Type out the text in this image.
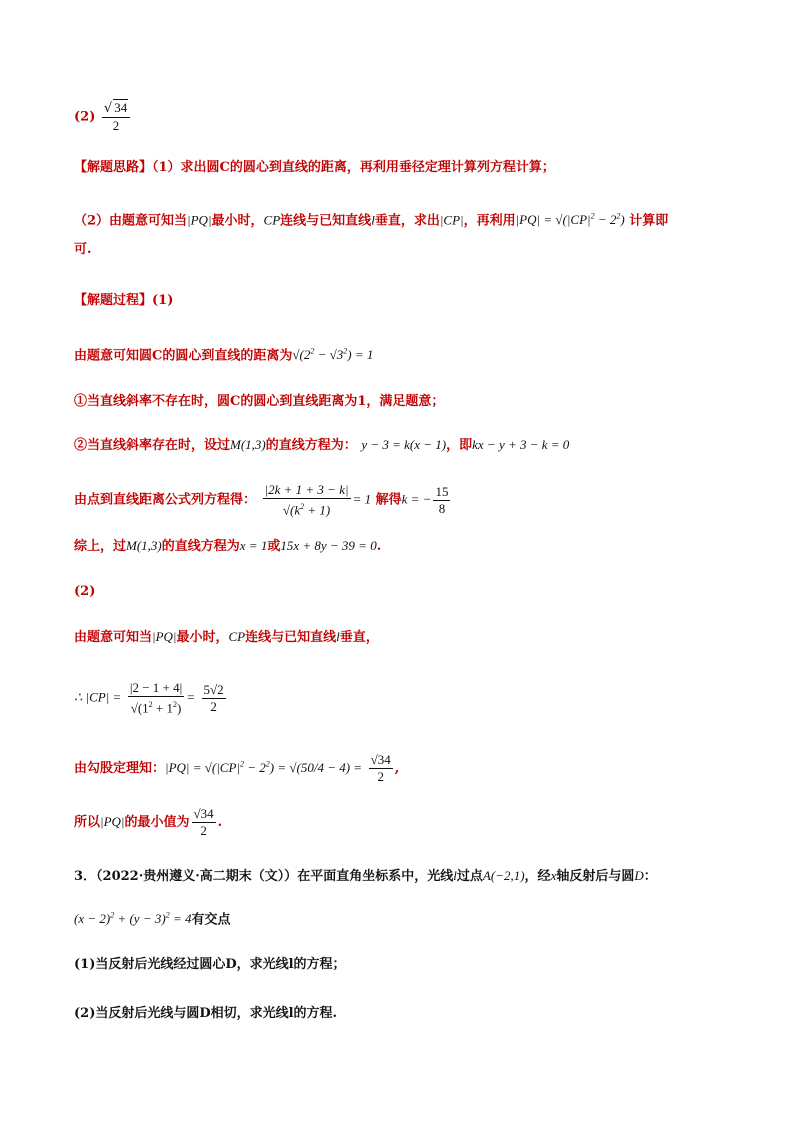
$(2) \frac{√ 34}{2}$
【解题思路】（1）求出圆C的圆心到直线的距离，再利用垂径定理计算列方程计算；
（2）由题意可知当|PQ|最小时，CP连线与已知直线l垂直，求出|CP|，再利用$|PQ| = √(|CP|^2 - 2^2)$ 计算即
可.
【解题过程】(1)
由题意可知圆C的圆心到直线的距离为$√(2^2 - √3^2) = 1$
①当直线斜率不存在时，圆C的圆心到直线距离为1，满足题意；
②当直线斜率存在时，设过M(1,3)的直线方程为： y − 3 = k(x − 1)，即kx − y + 3 − k = 0
由点到直线距离公式列方程得： $\frac{|2k + 1 + 3 - k|}{√(k^2 + 1)} = 1$ 解得k = − $\frac{15}{8}$
综上，过M(1,3)的直线方程为x = 1或15x + 8y − 39 = 0.
(2)
由题意可知当|PQ|最小时，CP连线与已知直线l垂直，
∴ $|CP| = \frac{|2 - 1 + 4|}{√(1^2 + 1^2)} = \frac{5√2}{2}$
由勾股定理知：$|PQ| = √(|CP|^2 - 2^2) = √(50/4 - 4) = \frac{√34}{2}$ ,
所以|PQ|的最小值为 $\frac{√34}{2}$ .
3．（2022·贵州遵义·高二期末（文））在平面直角坐标系中，光线l过点A(−2,1)，经x轴反射后与圆D：
$(x - 2)^2 + (y - 3)^2 = 4$有交点
(1)当反射后光线经过圆心D，求光线l的方程；
(2)当反射后光线与圆D相切，求光线l的方程.
